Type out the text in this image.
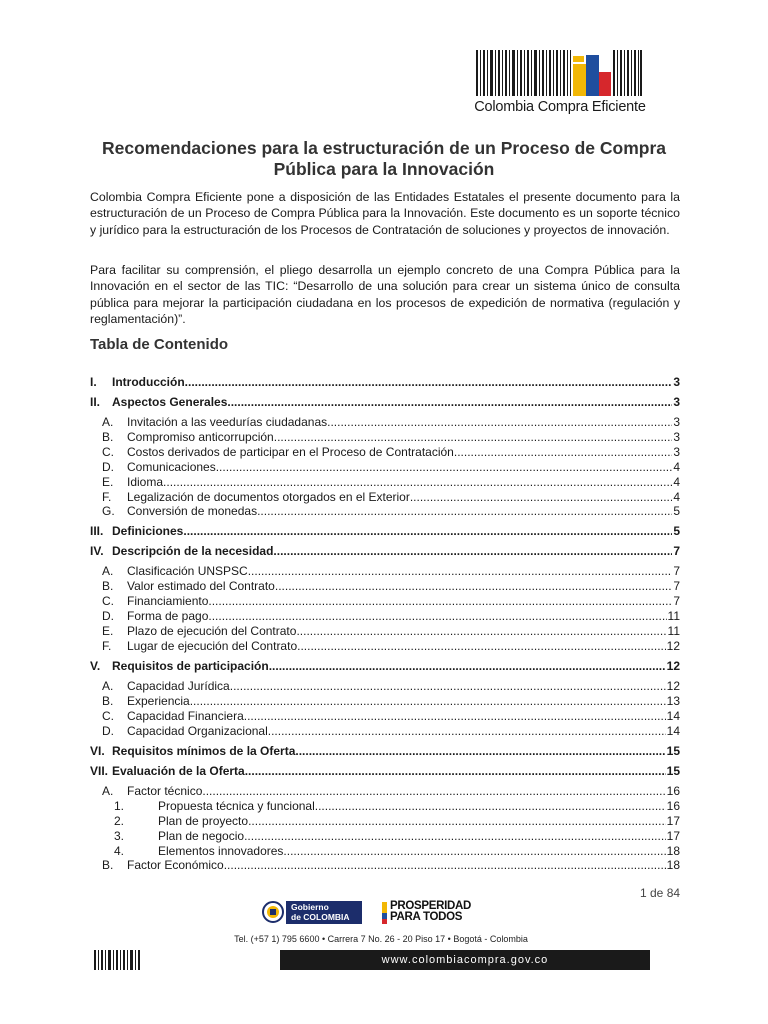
Colombia Compra Eficiente
Recomendaciones para la estructuración de un Proceso de Compra Pública para la Innovación

Colombia Compra Eficiente pone a disposición de las Entidades Estatales el presente documento para la estructuración de un Proceso de Compra Pública para la Innovación. Este documento es un soporte técnico y jurídico para la estructuración de los Procesos de Contratación de soluciones y proyectos de innovación.

Para facilitar su comprensión, el pliego desarrolla un ejemplo concreto de una Compra Pública para la Innovación en el sector de las TIC: “Desarrollo de una solución para crear un sistema único de consulta pública para mejorar la participación ciudadana en los procesos de expedición de normativa (regulación y reglamentación)”.

Tabla de Contenido
I.	Introducción .....	3
II. Aspectos Generales .....	3
A.	Invitación a las veedurías ciudadanas .....	3
B.	Compromiso anticorrupción .....	3
C.	Costos derivados de participar en el Proceso de Contratación .....	3
D.	Comunicaciones .....	4
E.	Idioma .....	4
F.	Legalización de documentos otorgados en el Exterior .....	4
G.	Conversión de monedas .....	5
III. Definiciones .....	5
IV. Descripción de la necesidad .....	7
A.	Clasificación UNSPSC .....	7
B.	Valor estimado del Contrato .....	7
C.	Financiamiento .....	7
D.	Forma de pago .....	11
E.	Plazo de ejecución del Contrato .....	11
F.	Lugar de ejecución del Contrato .....	12
V. Requisitos de participación .....	12
A.	Capacidad Jurídica .....	12
B.	Experiencia .....	13
C.	Capacidad Financiera .....	14
D.	Capacidad Organizacional .....	14
VI. Requisitos mínimos de la Oferta .....	15
VII. Evaluación de la Oferta .....	15
A.	Factor técnico .....	16
1.	Propuesta técnica y funcional .....	16
2.	Plan de proyecto .....	17
3.	Plan de negocio .....	17
4.	Elementos innovadores .....	18
B.	Factor Económico .....	18
1 de 84
Gobierno
de COLOMBIA
PROSPERIDAD
PARA TODOS
Tel. (+57 1) 795 6600 • Carrera 7 No. 26 - 20 Piso 17 • Bogotá - Colombia
www.colombiacompra.gov.co
